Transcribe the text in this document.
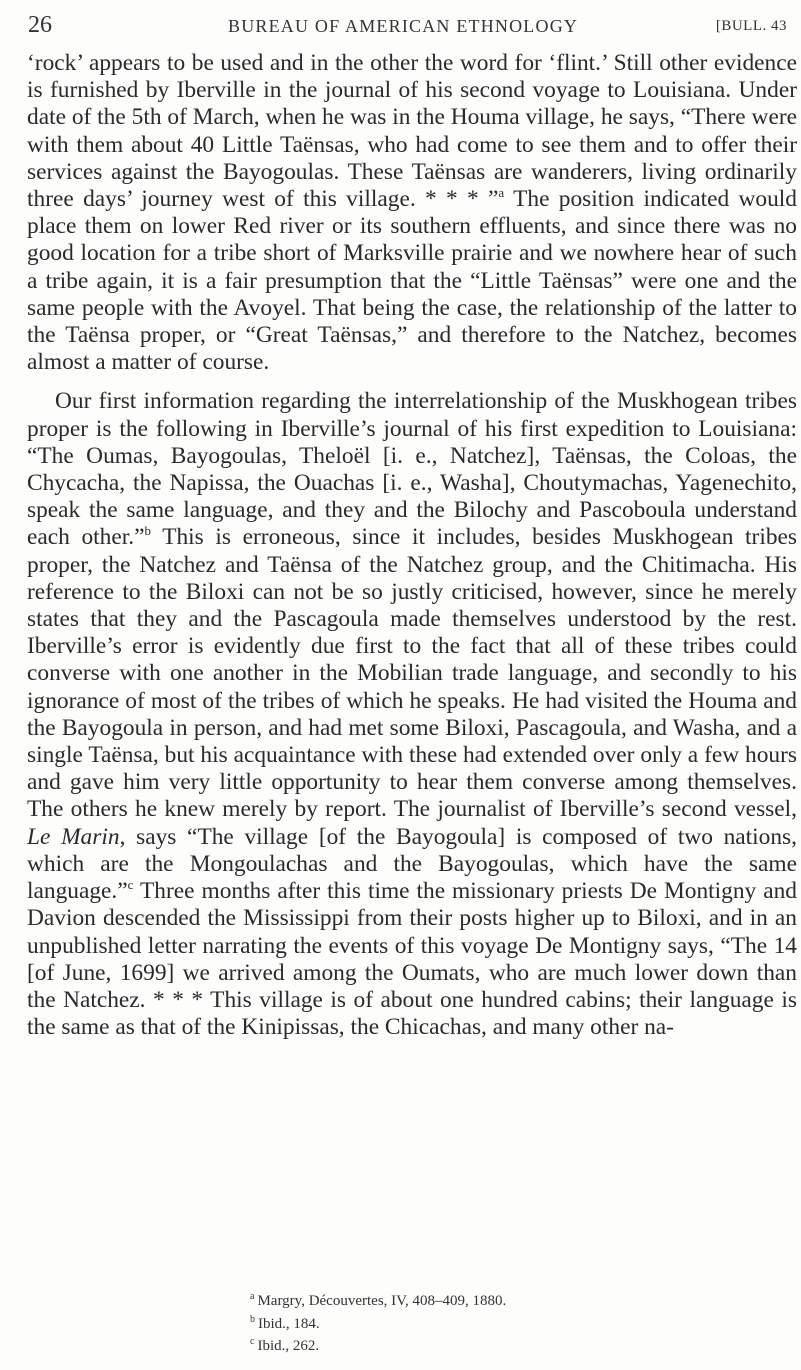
26	BUREAU OF AMERICAN ETHNOLOGY	[BULL. 43

‘rock’ appears to be used and in the other the word for ‘flint.’ Still other evidence is furnished by Iberville in the journal of his second voyage to Louisiana. Under date of the 5th of March, when he was in the Houma village, he says, “There were with them about 40 Little Taënsas, who had come to see them and to offer their services against the Bayogoulas. These Taënsas are wanderers, living ordinarily three days’ journey west of this village. * * * ”$^a$ The position indicated would place them on lower Red river or its southern effluents, and since there was no good location for a tribe short of Marksville prairie and we nowhere hear of such a tribe again, it is a fair presumption that the “Little Taënsas” were one and the same people with the Avoyel. That being the case, the relationship of the latter to the Taënsa proper, or “Great Taënsas,” and therefore to the Natchez, becomes almost a matter of course.

Our first information regarding the interrelationship of the Muskhogean tribes proper is the following in Iberville’s journal of his first expedition to Louisiana: “The Oumas, Bayogoulas, Theloël [i. e., Natchez], Taënsas, the Coloas, the Chycacha, the Napissa, the Ouachas [i. e., Washa], Choutymachas, Yagenechito, speak the same language, and they and the Bilochy and Pascoboula understand each other.”$^b$ This is erroneous, since it includes, besides Muskhogean tribes proper, the Natchez and Taënsa of the Natchez group, and the Chitimacha. His reference to the Biloxi can not be so justly criticised, however, since he merely states that they and the Pascagoula made themselves understood by the rest. Iberville’s error is evidently due first to the fact that all of these tribes could converse with one another in the Mobilian trade language, and secondly to his ignorance of most of the tribes of which he speaks. He had visited the Houma and the Bayogoula in person, and had met some Biloxi, Pascagoula, and Washa, and a single Taënsa, but his acquaintance with these had extended over only a few hours and gave him very little opportunity to hear them converse among themselves. The others he knew merely by report. The journalist of Iberville’s second vessel, Le Marin, says “The village [of the Bayogoula] is composed of two nations, which are the Mongoulachas and the Bayogoulas, which have the same language.”$^c$ Three months after this time the missionary priests De Montigny and Davion descended the Mississippi from their posts higher up to Biloxi, and in an unpublished letter narrating the events of this voyage De Montigny says, “The 14 [of June, 1699] we arrived among the Oumats, who are much lower down than the Natchez. * * * This village is of about one hundred cabins; their language is the same as that of the Kinipissas, the Chicachas, and many other na-

$^a$ Margry, Découvertes, IV, 408–409, 1880.
$^b$ Ibid., 184.
$^c$ Ibid., 262.
